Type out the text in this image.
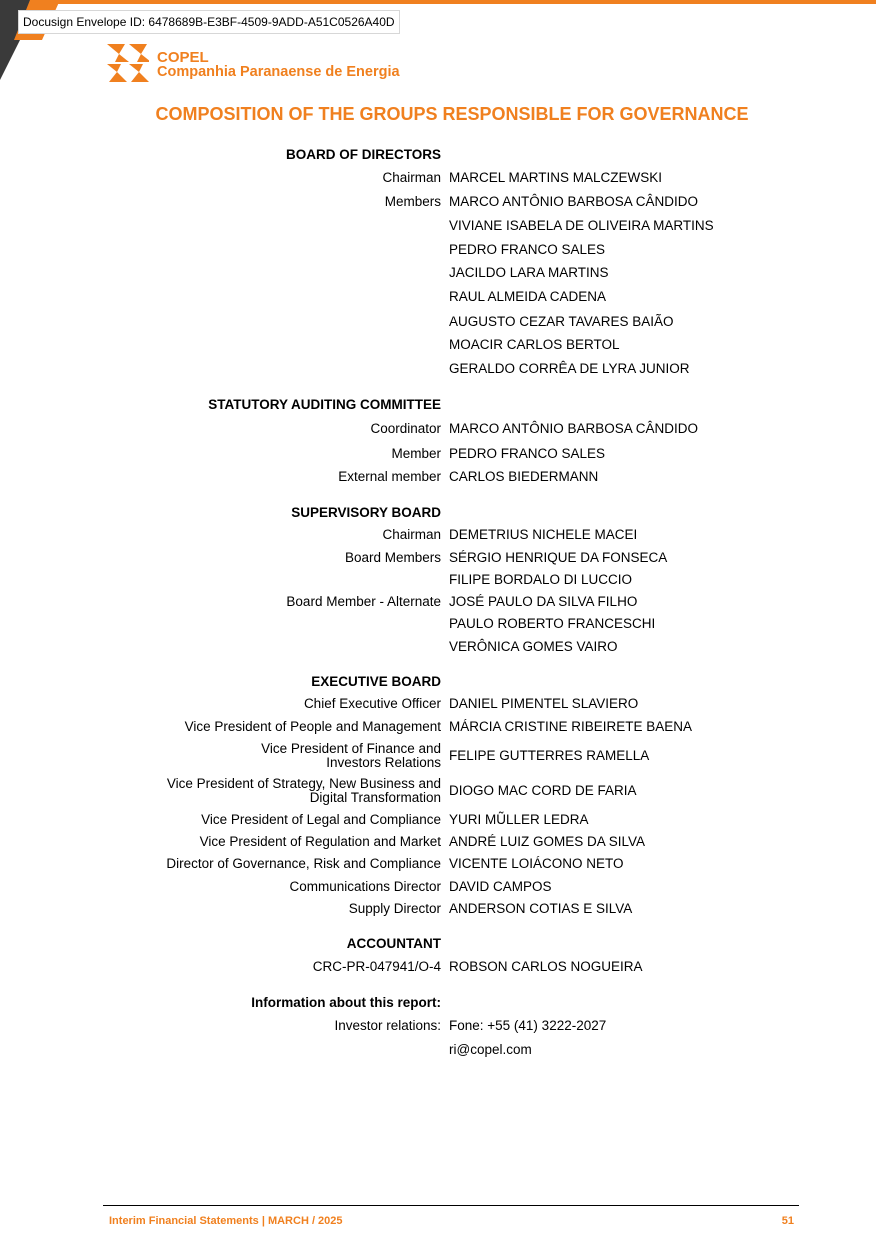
Docusign Envelope ID: 6478689B-E3BF-4509-9ADD-A51C0526A40D
COPEL
Companhia Paranaense de Energia
COMPOSITION OF THE GROUPS RESPONSIBLE FOR GOVERNANCE
BOARD OF DIRECTORS
Chairman MARCEL MARTINS MALCZEWSKI
Members MARCO ANTÔNIO BARBOSA CÂNDIDO
VIVIANE ISABELA DE OLIVEIRA MARTINS
PEDRO FRANCO SALES
JACILDO LARA MARTINS
RAUL ALMEIDA CADENA
AUGUSTO CEZAR TAVARES BAIÃO
MOACIR CARLOS BERTOL
GERALDO CORRÊA DE LYRA JUNIOR
STATUTORY AUDITING COMMITTEE
Coordinator MARCO ANTÔNIO BARBOSA CÂNDIDO
Member PEDRO FRANCO SALES
External member CARLOS BIEDERMANN
SUPERVISORY BOARD
Chairman DEMETRIUS NICHELE MACEI
Board Members SÉRGIO HENRIQUE DA FONSECA
FILIPE BORDALO DI LUCCIO
Board Member - Alternate JOSÉ PAULO DA SILVA FILHO
PAULO ROBERTO FRANCESCHI
VERÔNICA GOMES VAIRO
EXECUTIVE BOARD
Chief Executive Officer DANIEL PIMENTEL SLAVIERO
Vice President of People and Management MÁRCIA CRISTINE RIBEIRETE BAENA
Vice President of Finance and FELIPE GUTTERRES RAMELLA
Investors Relations
Vice President of Strategy, New Business and DIOGO MAC CORD DE FARIA
Digital Transformation
Vice President of Legal and Compliance YURI MŨLLER LEDRA
Vice President of Regulation and Market ANDRÉ LUIZ GOMES DA SILVA
Director of Governance, Risk and Compliance VICENTE LOIÁCONO NETO
Communications Director DAVID CAMPOS
Supply Director ANDERSON COTIAS E SILVA
ACCOUNTANT
CRC-PR-047941/O-4 ROBSON CARLOS NOGUEIRA
Information about this report:
Investor relations: Fone: +55 (41) 3222-2027
ri@copel.com
Interim Financial Statements | MARCH / 2025	51
